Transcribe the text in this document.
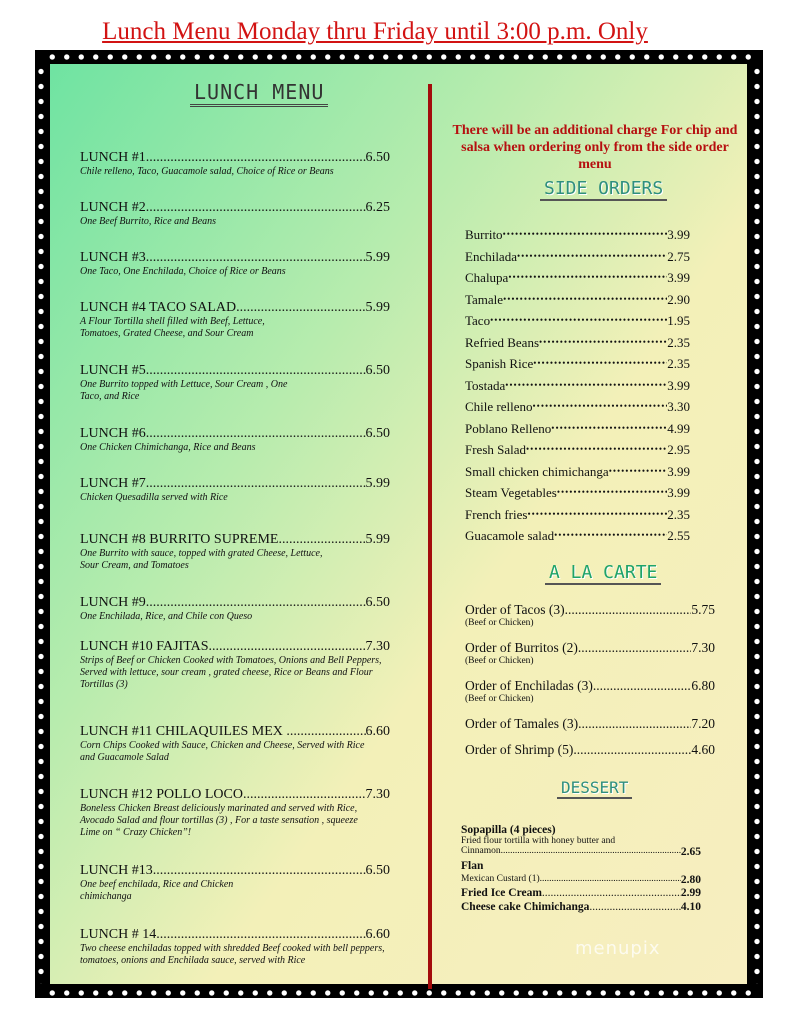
Lunch Menu Monday thru Friday until 3:00 p.m. Only
LUNCH MENU
LUNCH #1 .....	6.50
Chile relleno, Taco, Guacamole salad, Choice of Rice or Beans
LUNCH #2 .....	6.25
One Beef Burrito, Rice and Beans
LUNCH #3 .....	5.99
One Taco, One Enchilada, Choice of Rice or Beans
LUNCH #4 TACO SALAD .....	5.99
A Flour Tortilla shell filled with Beef, Lettuce, Tomatoes, Grated Cheese, and Sour Cream
LUNCH #5 .....	6.50
One Burrito topped with Lettuce, Sour Cream , One Taco, and Rice
LUNCH #6 .....	6.50
One Chicken Chimichanga, Rice and Beans
LUNCH #7 .....	5.99
Chicken Quesadilla served with Rice
LUNCH #8 BURRITO SUPREME .....	5.99
One Burrito with sauce, topped with grated Cheese, Lettuce, Sour Cream, and Tomatoes
LUNCH #9 .....	6.50
One Enchilada, Rice, and Chile con Queso
LUNCH #10 FAJITAS .....	7.30
Strips of Beef or Chicken Cooked with Tomatoes, Onions and Bell Peppers, Served with lettuce, sour cream , grated cheese, Rice or Beans and Flour Tortillas (3)
LUNCH #11 CHILAQUILES MEX ..... .....	6.60
Corn Chips Cooked with Sauce, Chicken and Cheese, Served with Rice and Guacamole Salad
LUNCH #12 POLLO LOCO .....	7.30
Boneless Chicken Breast deliciously marinated and served with Rice, Avocado Salad and flour tortillas (3) , For a taste sensation , squeeze Lime on “ Crazy Chicken”!
LUNCH #13 .....	6.50
One beef enchilada, Rice and Chicken chimichanga
LUNCH # 14 .....	6.60
Two cheese enchiladas topped with shredded Beef cooked with bell peppers, tomatoes, onions and Enchilada sauce, served with Rice
There will be an additional charge For chip and salsa when ordering only from the side order menu
SIDE ORDERS
Burrito •••••	3.99
Enchilada •••••	2.75
Chalupa •••••	3.99
Tamale •••••	2.90
Taco •••••	1.95
Refried Beans •••••	2.35
Spanish Rice •••••	2.35
Tostada •••••	3.99
Chile relleno •••••	3.30
Poblano Relleno •••••	4.99
Fresh Salad •••••	2.95
Small chicken chimichanga •••••	3.99
Steam Vegetables •••••	3.99
French fries •••••	2.35
Guacamole salad •••••	2.55
A LA CARTE
Order of Tacos (3) .....	5.75
(Beef or Chicken)
Order of Burritos (2) .....	7.30
(Beef or Chicken)
Order of Enchiladas (3) .....	6.80
(Beef or Chicken)
Order of Tamales (3) .....	7.20
Order of Shrimp (5) .....	4.60
DESSERT
Sopapilla (4 pieces)
Fried flour tortilla with honey butter and
Cinnamon .....	2.65
Flan
Mexican Custard (1) .....	2.80
Fried Ice Cream .....	2.99
Cheese cake Chimichanga .....	4.10
menupix
